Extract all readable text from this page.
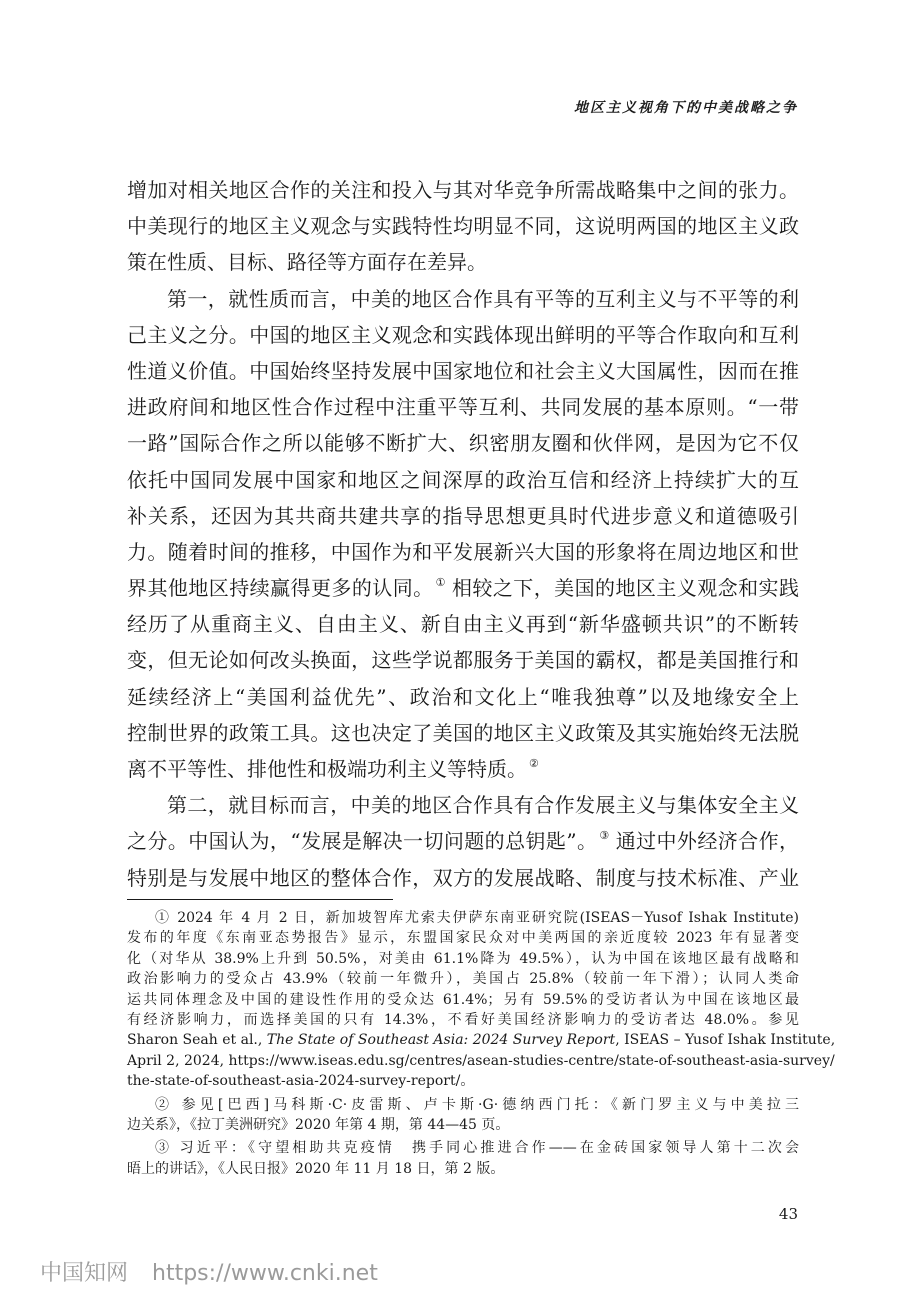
地区主义视角下的中美战略之争
增加对相关地区合作的关注和投入与其对华竞争所需战略集中之间的张力。
中美现行的地区主义观念与实践特性均明显不同，这说明两国的地区主义政
策在性质、目标、路径等方面存在差异。
第一，就性质而言，中美的地区合作具有平等的互利主义与不平等的利
己主义之分。中国的地区主义观念和实践体现出鲜明的平等合作取向和互利
性道义价值。中国始终坚持发展中国家地位和社会主义大国属性，因而在推
进政府间和地区性合作过程中注重平等互利、共同发展的基本原则。“一带
一路”国际合作之所以能够不断扩大、织密朋友圈和伙伴网，是因为它不仅
依托中国同发展中国家和地区之间深厚的政治互信和经济上持续扩大的互
补关系，还因为其共商共建共享的指导思想更具时代进步意义和道德吸引
力。随着时间的推移，中国作为和平发展新兴大国的形象将在周边地区和世
界其他地区持续赢得更多的认同。 ① 相较之下，美国的地区主义观念和实践
经历了从重商主义、自由主义、新自由主义再到“新华盛顿共识”的不断转
变，但无论如何改头换面，这些学说都服务于美国的霸权，都是美国推行和
延续经济上“美国利益优先”、政治和文化上“唯我独尊”以及地缘安全上
控制世界的政策工具。这也决定了美国的地区主义政策及其实施始终无法脱
离不平等性、排他性和极端功利主义等特质。 ②
第二，就目标而言，中美的地区合作具有合作发展主义与集体安全主义
之分。中国认为，“发展是解决一切问题的总钥匙”。 ③ 通过中外经济合作，
特别是与发展中地区的整体合作，双方的发展战略、制度与技术标准、产业
① 2024 年 4 月 2 日，新加坡智库尤索夫伊萨东南亚研究院(ISEAS－Yusof Ishak Institute)
发布的年度《东南亚态势报告》显示，东盟国家民众对中美两国的亲近度较 2023 年有显著变
化（对华从 38.9%上升到 50.5%，对美由 61.1%降为 49.5%），认为中国在该地区最有战略和
政治影响力的受众占 43.9%（较前一年微升），美国占 25.8%（较前一年下滑）；认同人类命
运共同体理念及中国的建设性作用的受众达 61.4%；另有 59.5%的受访者认为中国在该地区最
有经济影响力，而选择美国的只有 14.3%，不看好美国经济影响力的受访者达 48.0%。参见
Sharon Seah et al., The State of Southeast Asia: 2024 Survey Report, ISEAS – Yusof Ishak Institute,
April 2, 2024, https://www.iseas.edu.sg/centres/asean-studies-centre/state-of-southeast-asia-survey/
the-state-of-southeast-asia-2024-survey-report/。
② 参见[巴西]马科斯·C·皮雷斯、卢卡斯·G·德纳西门托：《新门罗主义与中美拉三
边关系》，《拉丁美洲研究》2020 年第 4 期，第 44—45 页。
③ 习近平：《守望相助共克疫情　携手同心推进合作——在金砖国家领导人第十二次会
晤上的讲话》，《人民日报》2020 年 11 月 18 日，第 2 版。
43
中国知网 https://www.cnki.net
